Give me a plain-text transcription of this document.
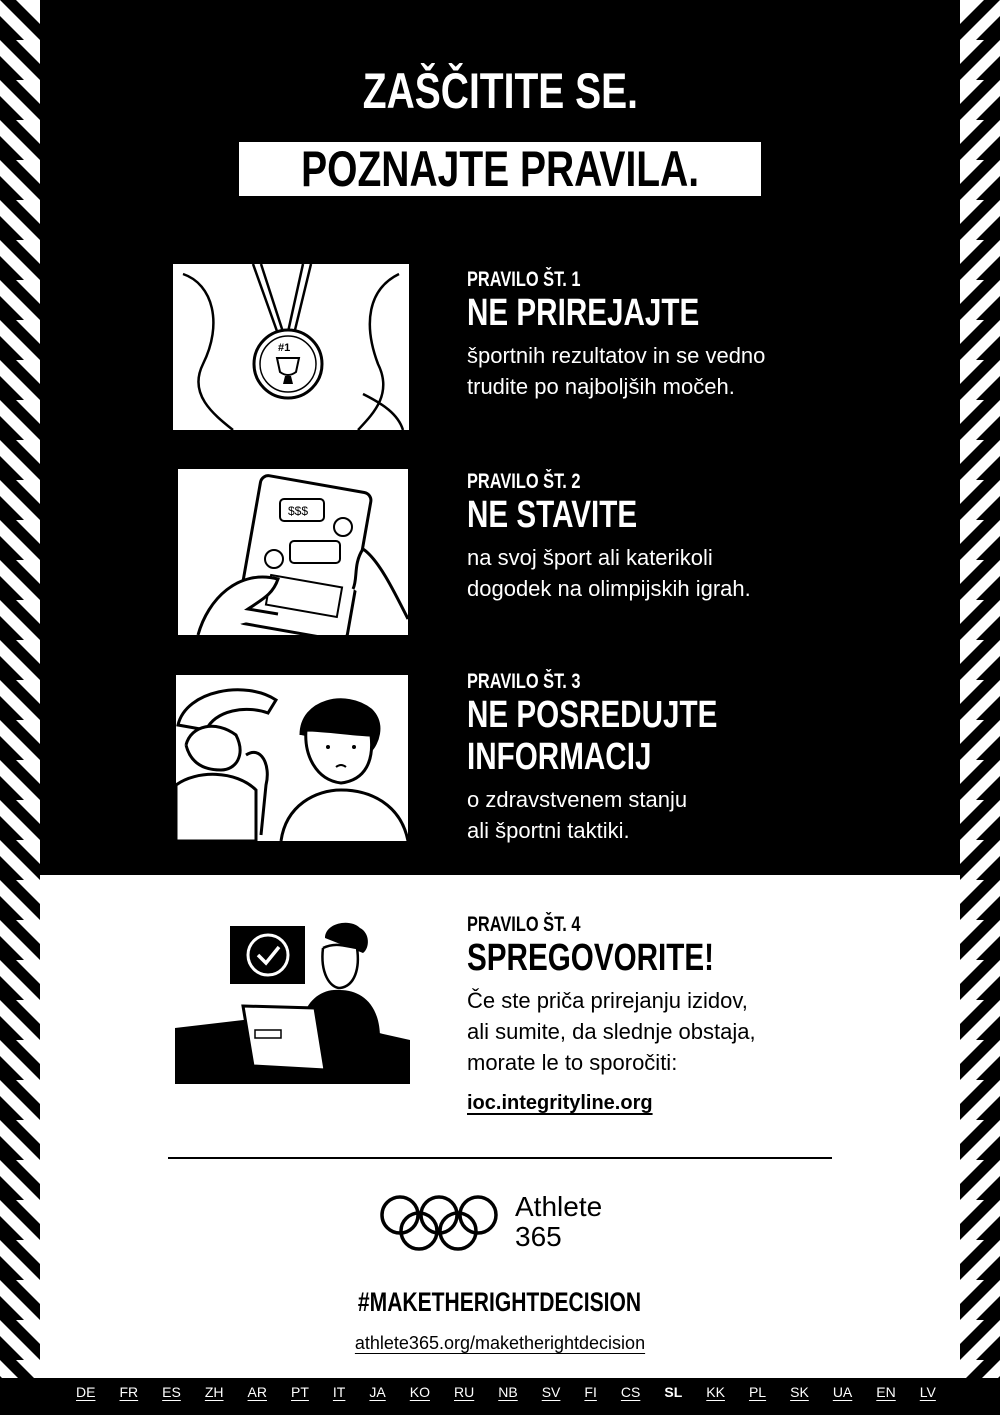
ZAŠČITITE SE.
POZNAJTE PRAVILA.
#1
PRAVILO ŠT. 1
NE PRIREJAJTE
športnih rezultatov in se vedno
trudite po najboljših močeh.
$$$
PRAVILO ŠT. 2
NE STAVITE
na svoj šport ali katerikoli
dogodek na olimpijskih igrah.
PRAVILO ŠT. 3
NE POSREDUJTE
INFORMACIJ
o zdravstvenem stanju
ali športni taktiki.
PRAVILO ŠT. 4
SPREGOVORITE!
Če ste priča prirejanju izidov,
ali sumite, da slednje obstaja,
morate le to sporočiti:
ioc.integrityline.org
Athlete
365
#MAKETHERIGHTDECISION
athlete365.org/maketherightdecision
DE FR ES ZH AR PT IT JA KO RU NB SV FI CS SL KK PL SK UA EN LV
